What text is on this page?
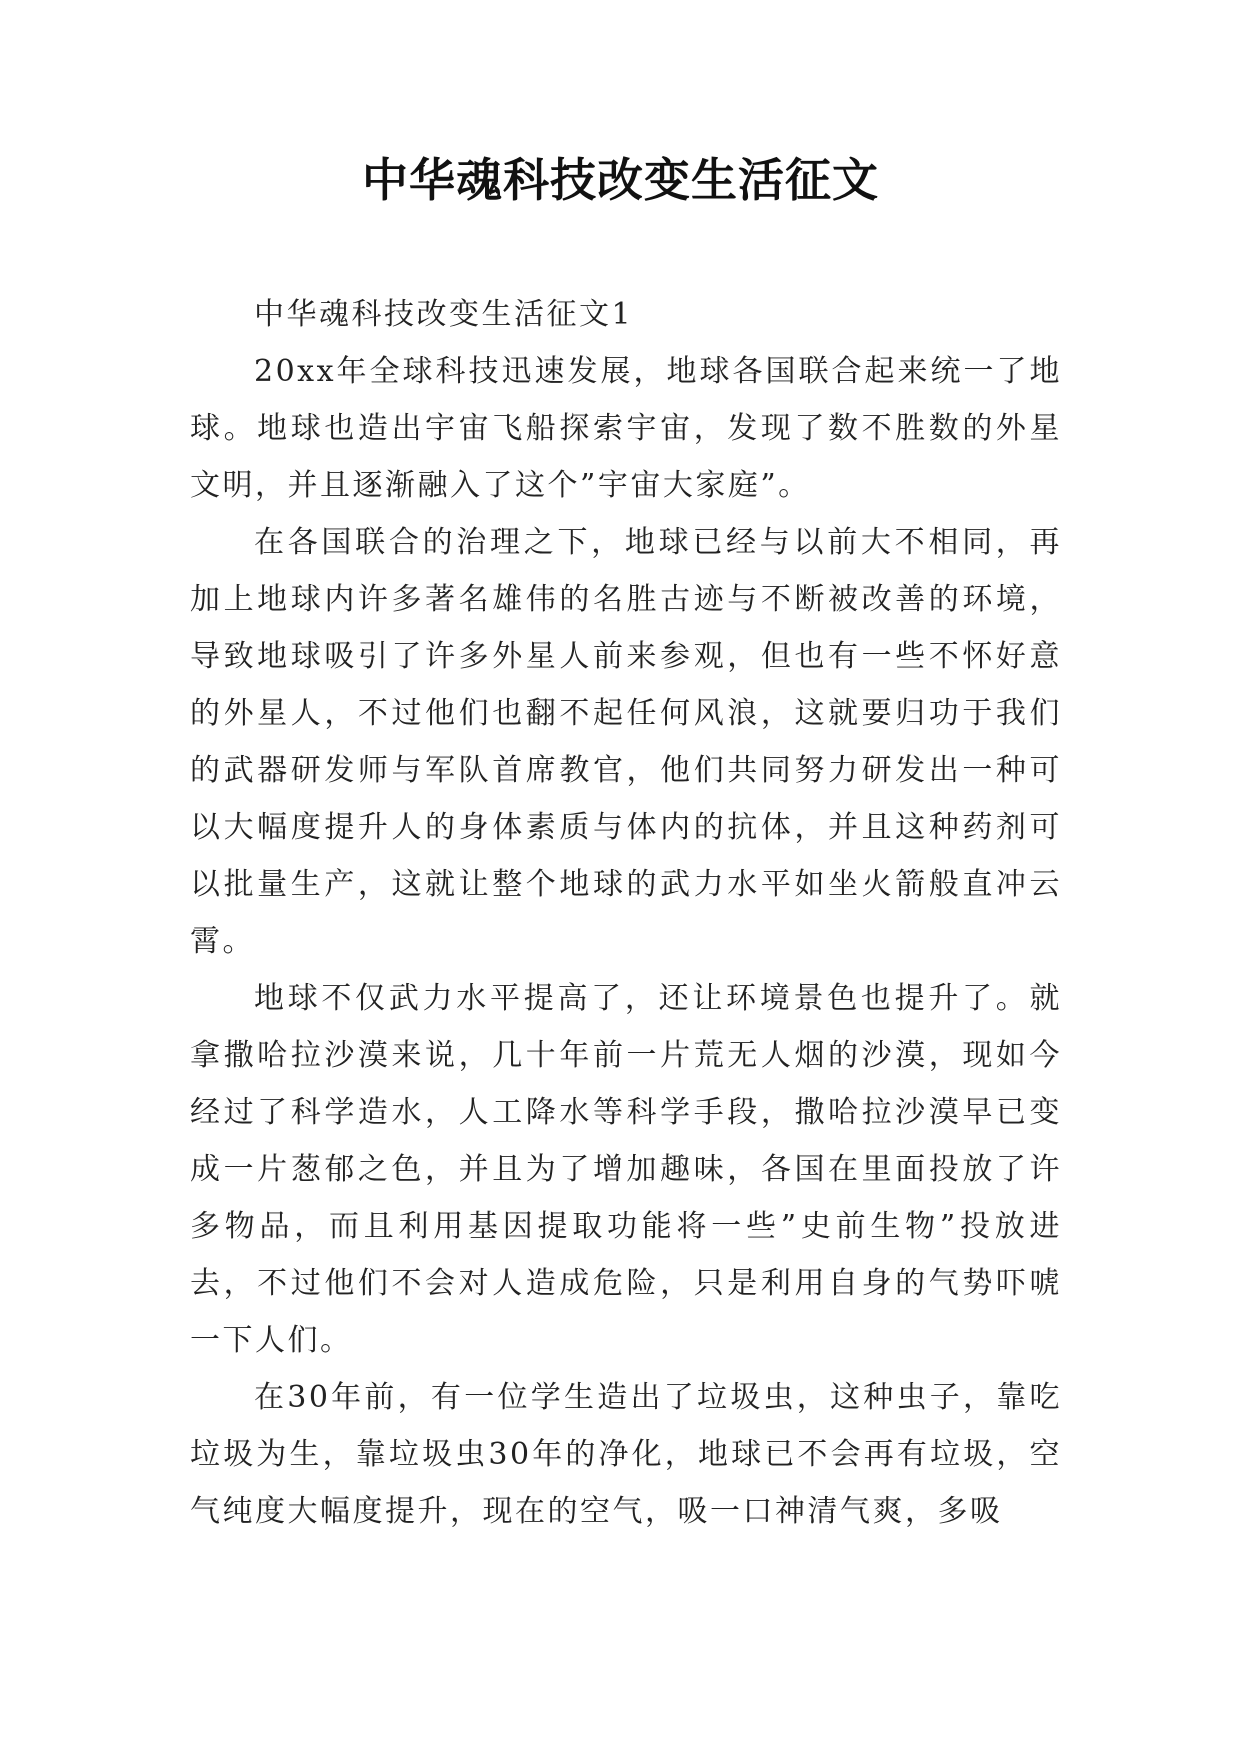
中华魂科技改变生活征文

中华魂科技改变生活征文1

20xx年全球科技迅速发展，地球各国联合起来统一了地球。地球也造出宇宙飞船探索宇宙，发现了数不胜数的外星文明，并且逐渐融入了这个”宇宙大家庭”。

在各国联合的治理之下，地球已经与以前大不相同，再加上地球内许多著名雄伟的名胜古迹与不断被改善的环境，导致地球吸引了许多外星人前来参观，但也有一些不怀好意的外星人，不过他们也翻不起任何风浪，这就要归功于我们的武器研发师与军队首席教官，他们共同努力研发出一种可以大幅度提升人的身体素质与体内的抗体，并且这种药剂可以批量生产，这就让整个地球的武力水平如坐火箭般直冲云霄。

地球不仅武力水平提高了，还让环境景色也提升了。就拿撒哈拉沙漠来说，几十年前一片荒无人烟的沙漠，现如今经过了科学造水，人工降水等科学手段，撒哈拉沙漠早已变成一片葱郁之色，并且为了增加趣味，各国在里面投放了许多物品，而且利用基因提取功能将一些”史前生物”投放进去，不过他们不会对人造成危险，只是利用自身的气势吓唬一下人们。

在30年前，有一位学生造出了垃圾虫，这种虫子，靠吃垃圾为生，靠垃圾虫30年的净化，地球已不会再有垃圾，空气纯度大幅度提升，现在的空气，吸一口神清气爽，多吸
